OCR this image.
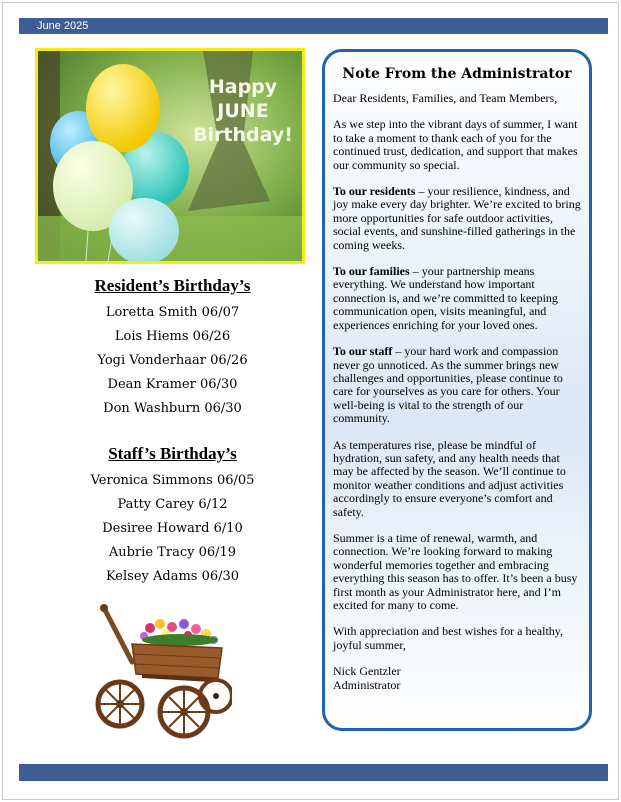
June 2025
Happy
JUNE
Birthday!
Resident’s Birthday’s
Loretta Smith 06/07
Lois Hiems 06/26
Yogi Vonderhaar 06/26
Dean Kramer 06/30
Don Washburn 06/30
Staff’s Birthday’s
Veronica Simmons 06/05
Patty Carey 6/12
Desiree Howard 6/10
Aubrie Tracy 06/19
Kelsey Adams 06/30
Note From the Administrator

Dear Residents, Families, and Team Members,

As we step into the vibrant days of summer, I want to take a moment to thank each of you for the continued trust, dedication, and support that makes our community so special.

To our residents – your resilience, kindness, and joy make every day brighter. We’re excited to bring more opportunities for safe outdoor activities, social events, and sunshine-filled gatherings in the coming weeks.

To our families – your partnership means everything. We understand how important connection is, and we’re committed to keeping communication open, visits meaningful, and experiences enriching for your loved ones.

To our staff – your hard work and compassion never go unnoticed. As the summer brings new challenges and opportunities, please continue to care for yourselves as you care for others. Your well-being is vital to the strength of our community.

As temperatures rise, please be mindful of hydration, sun safety, and any health needs that may be affected by the season. We’ll continue to monitor weather conditions and adjust activities accordingly to ensure everyone’s comfort and safety.

Summer is a time of renewal, warmth, and connection. We’re looking forward to making wonderful memories together and embracing everything this season has to offer. It’s been a busy first month as your Administrator here, and I’m excited for many to come.

With appreciation and best wishes for a healthy, joyful summer,

Nick Gentzler

Administrator
